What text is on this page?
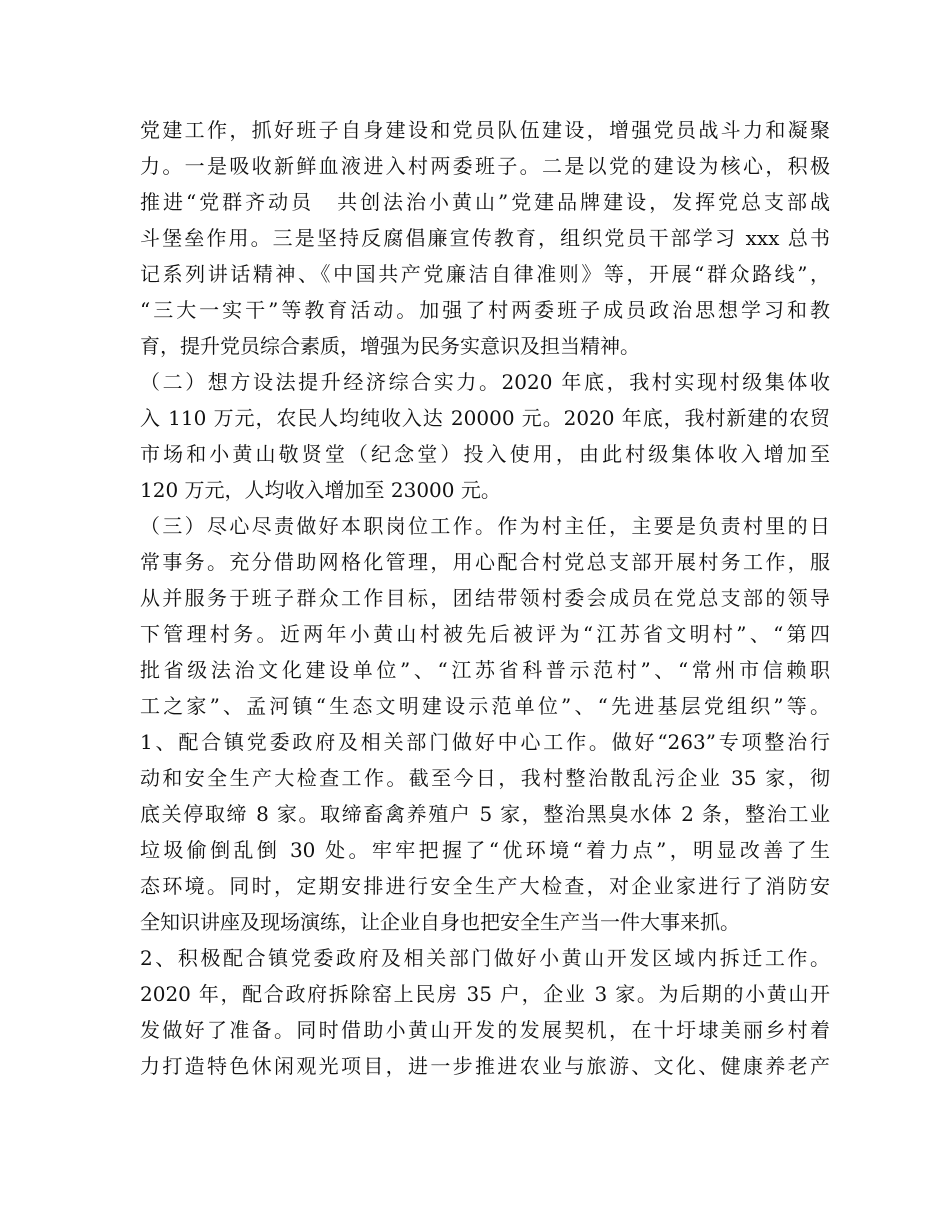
党建工作，抓好班子自身建设和党员队伍建设，增强党员战斗力和凝聚
力。一是吸收新鲜血液进入村两委班子。二是以党的建设为核心，积极
推进“党群齐动员　共创法治小黄山”党建品牌建设，发挥党总支部战
斗堡垒作用。三是坚持反腐倡廉宣传教育，组织党员干部学习 xxx 总书
记系列讲话精神、《中国共产党廉洁自律准则》等，开展“群众路线”，
“三大一实干”等教育活动。加强了村两委班子成员政治思想学习和教
育，提升党员综合素质，增强为民务实意识及担当精神。
（二）想方设法提升经济综合实力。2020 年底，我村实现村级集体收
入 110 万元，农民人均纯收入达 20000 元。2020 年底，我村新建的农贸
市场和小黄山敬贤堂（纪念堂）投入使用，由此村级集体收入增加至
120 万元，人均收入增加至 23000 元。
（三）尽心尽责做好本职岗位工作。作为村主任，主要是负责村里的日
常事务。充分借助网格化管理，用心配合村党总支部开展村务工作，服
从并服务于班子群众工作目标，团结带领村委会成员在党总支部的领导
下管理村务。近两年小黄山村被先后被评为“江苏省文明村”、“第四
批省级法治文化建设单位”、“江苏省科普示范村”、“常州市信赖职
工之家”、孟河镇“生态文明建设示范单位”、“先进基层党组织”等。
1、配合镇党委政府及相关部门做好中心工作。做好“263”专项整治行
动和安全生产大检查工作。截至今日，我村整治散乱污企业 35 家，彻
底关停取缔 8 家。取缔畜禽养殖户 5 家，整治黑臭水体 2 条，整治工业
垃圾偷倒乱倒 30 处。牢牢把握了“优环境“着力点”，明显改善了生
态环境。同时，定期安排进行安全生产大检查，对企业家进行了消防安
全知识讲座及现场演练，让企业自身也把安全生产当一件大事来抓。
2、积极配合镇党委政府及相关部门做好小黄山开发区域内拆迁工作。
2020 年，配合政府拆除窑上民房 35 户，企业 3 家。为后期的小黄山开
发做好了准备。同时借助小黄山开发的发展契机，在十圩埭美丽乡村着
力打造特色休闲观光项目，进一步推进农业与旅游、文化、健康养老产
